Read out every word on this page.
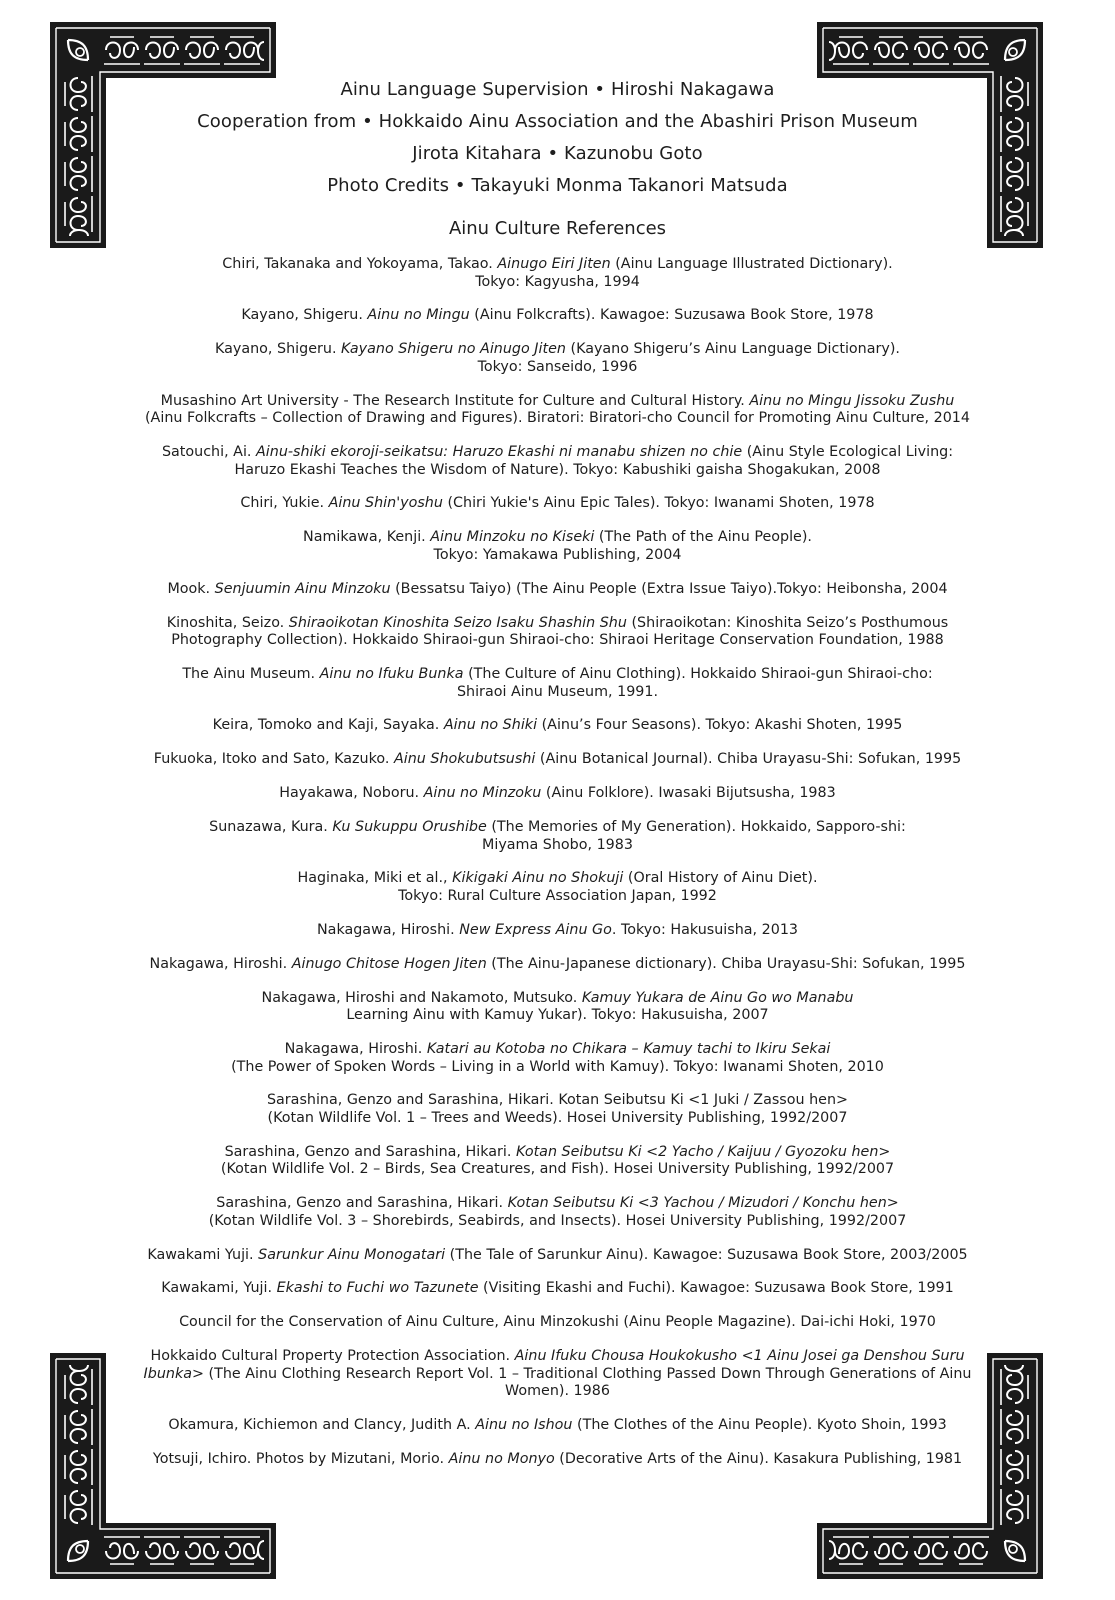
Ainu Language Supervision • Hiroshi Nakagawa
Cooperation from • Hokkaido Ainu Association and the Abashiri Prison Museum
Jirota Kitahara • Kazunobu Goto
Photo Credits • Takayuki Monma Takanori Matsuda
Ainu Culture References
Chiri, Takanaka and Yokoyama, Takao. Ainugo Eiri Jiten (Ainu Language Illustrated Dictionary).
Tokyo: Kagyusha, 1994
Kayano, Shigeru. Ainu no Mingu (Ainu Folkcrafts). Kawagoe: Suzusawa Book Store, 1978
Kayano, Shigeru. Kayano Shigeru no Ainugo Jiten (Kayano Shigeru’s Ainu Language Dictionary).
Tokyo: Sanseido, 1996
Musashino Art University - The Research Institute for Culture and Cultural History. Ainu no Mingu Jissoku Zushu
(Ainu Folkcrafts – Collection of Drawing and Figures). Biratori: Biratori-cho Council for Promoting Ainu Culture, 2014
Satouchi, Ai. Ainu-shiki ekoroji-seikatsu: Haruzo Ekashi ni manabu shizen no chie (Ainu Style Ecological Living:
Haruzo Ekashi Teaches the Wisdom of Nature). Tokyo: Kabushiki gaisha Shogakukan, 2008
Chiri, Yukie. Ainu Shin'yoshu (Chiri Yukie's Ainu Epic Tales). Tokyo: Iwanami Shoten, 1978
Namikawa, Kenji. Ainu Minzoku no Kiseki (The Path of the Ainu People).
Tokyo: Yamakawa Publishing, 2004
Mook. Senjuumin Ainu Minzoku (Bessatsu Taiyo) (The Ainu People (Extra Issue Taiyo).Tokyo: Heibonsha, 2004
Kinoshita, Seizo. Shiraoikotan Kinoshita Seizo Isaku Shashin Shu (Shiraoikotan: Kinoshita Seizo’s Posthumous
Photography Collection). Hokkaido Shiraoi-gun Shiraoi-cho: Shiraoi Heritage Conservation Foundation, 1988
The Ainu Museum. Ainu no Ifuku Bunka (The Culture of Ainu Clothing). Hokkaido Shiraoi-gun Shiraoi-cho:
Shiraoi Ainu Museum, 1991.
Keira, Tomoko and Kaji, Sayaka. Ainu no Shiki (Ainu’s Four Seasons). Tokyo: Akashi Shoten, 1995
Fukuoka, Itoko and Sato, Kazuko. Ainu Shokubutsushi (Ainu Botanical Journal). Chiba Urayasu-Shi: Sofukan, 1995
Hayakawa, Noboru. Ainu no Minzoku (Ainu Folklore). Iwasaki Bijutsusha, 1983
Sunazawa, Kura. Ku Sukuppu Orushibe (The Memories of My Generation). Hokkaido, Sapporo-shi:
Miyama Shobo, 1983
Haginaka, Miki et al., Kikigaki Ainu no Shokuji (Oral History of Ainu Diet).
Tokyo: Rural Culture Association Japan, 1992
Nakagawa, Hiroshi. New Express Ainu Go. Tokyo: Hakusuisha, 2013
Nakagawa, Hiroshi. Ainugo Chitose Hogen Jiten (The Ainu-Japanese dictionary). Chiba Urayasu-Shi: Sofukan, 1995
Nakagawa, Hiroshi and Nakamoto, Mutsuko. Kamuy Yukara de Ainu Go wo Manabu
Learning Ainu with Kamuy Yukar). Tokyo: Hakusuisha, 2007
Nakagawa, Hiroshi. Katari au Kotoba no Chikara – Kamuy tachi to Ikiru Sekai
(The Power of Spoken Words – Living in a World with Kamuy). Tokyo: Iwanami Shoten, 2010
Sarashina, Genzo and Sarashina, Hikari. Kotan Seibutsu Ki <1 Juki / Zassou hen>
(Kotan Wildlife Vol. 1 – Trees and Weeds). Hosei University Publishing, 1992/2007
Sarashina, Genzo and Sarashina, Hikari. Kotan Seibutsu Ki <2 Yacho / Kaijuu / Gyozoku hen>
(Kotan Wildlife Vol. 2 – Birds, Sea Creatures, and Fish). Hosei University Publishing, 1992/2007
Sarashina, Genzo and Sarashina, Hikari. Kotan Seibutsu Ki <3 Yachou / Mizudori / Konchu hen>
(Kotan Wildlife Vol. 3 – Shorebirds, Seabirds, and Insects). Hosei University Publishing, 1992/2007
Kawakami Yuji. Sarunkur Ainu Monogatari (The Tale of Sarunkur Ainu). Kawagoe: Suzusawa Book Store, 2003/2005
Kawakami, Yuji. Ekashi to Fuchi wo Tazunete (Visiting Ekashi and Fuchi). Kawagoe: Suzusawa Book Store, 1991
Council for the Conservation of Ainu Culture, Ainu Minzokushi (Ainu People Magazine). Dai-ichi Hoki, 1970
Hokkaido Cultural Property Protection Association. Ainu Ifuku Chousa Houkokusho <1 Ainu Josei ga Denshou Suru
Ibunka> (The Ainu Clothing Research Report Vol. 1 – Traditional Clothing Passed Down Through Generations of Ainu
Women). 1986
Okamura, Kichiemon and Clancy, Judith A. Ainu no Ishou (The Clothes of the Ainu People). Kyoto Shoin, 1993
Yotsuji, Ichiro. Photos by Mizutani, Morio. Ainu no Monyo (Decorative Arts of the Ainu). Kasakura Publishing, 1981
